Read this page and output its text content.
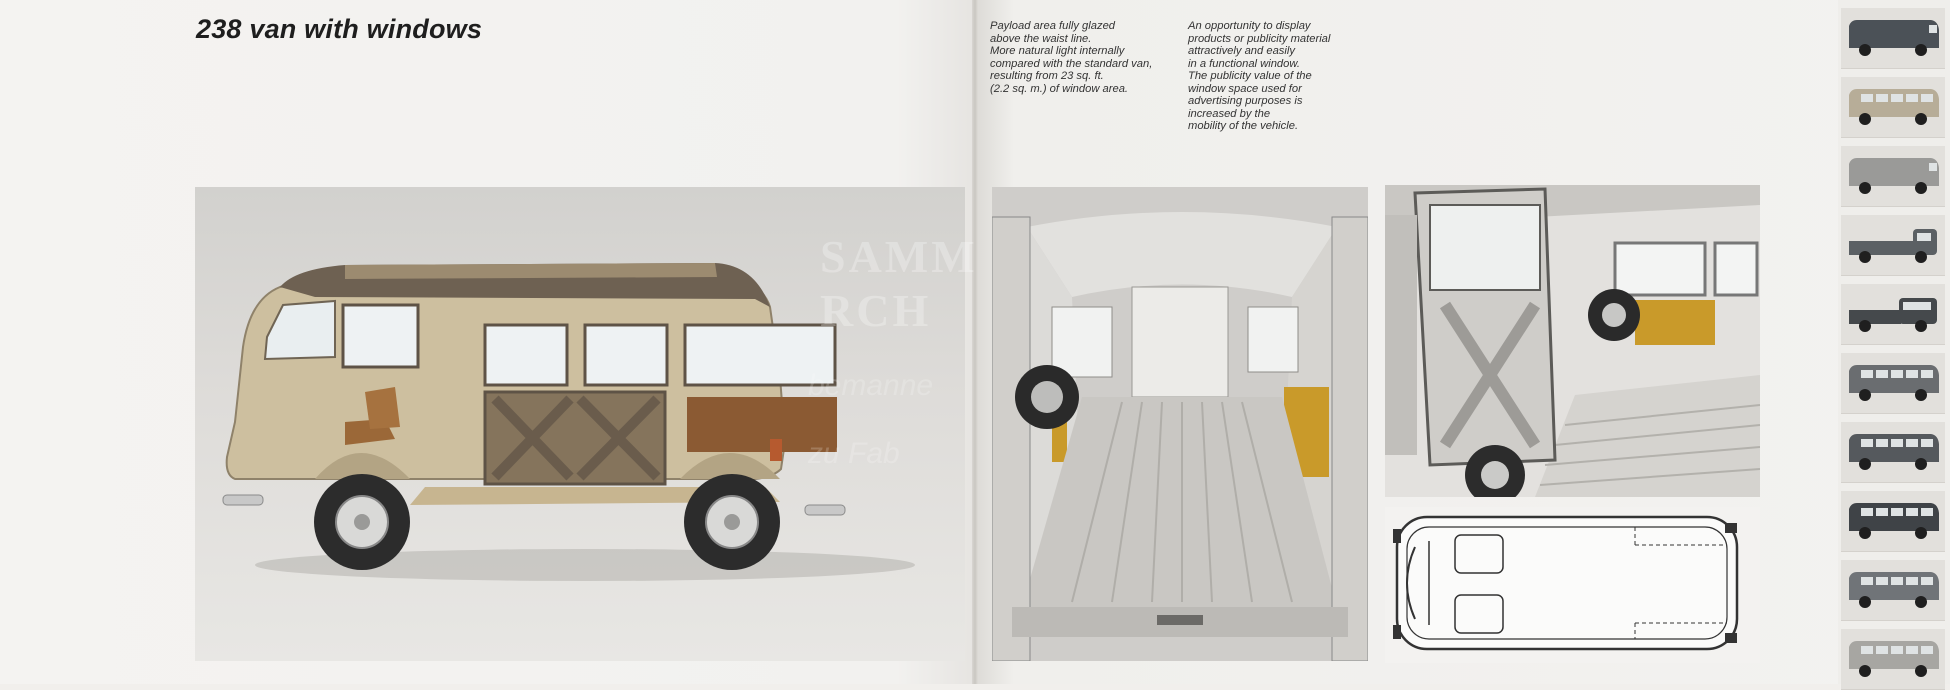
238 van with windows	Payload area fully glazed
above the waist line.
More natural light internally
compared with the standard van,
resulting from 23 sq. ft.
(2.2 sq. m.) of window area.

An opportunity to display
products or publicity material
attractively and easily
in a functional window.
The publicity value of the
window space used for
advertising purposes is
increased by the
mobility of the vehicle.

SAMM
RCH

bemanne
zu Fab
